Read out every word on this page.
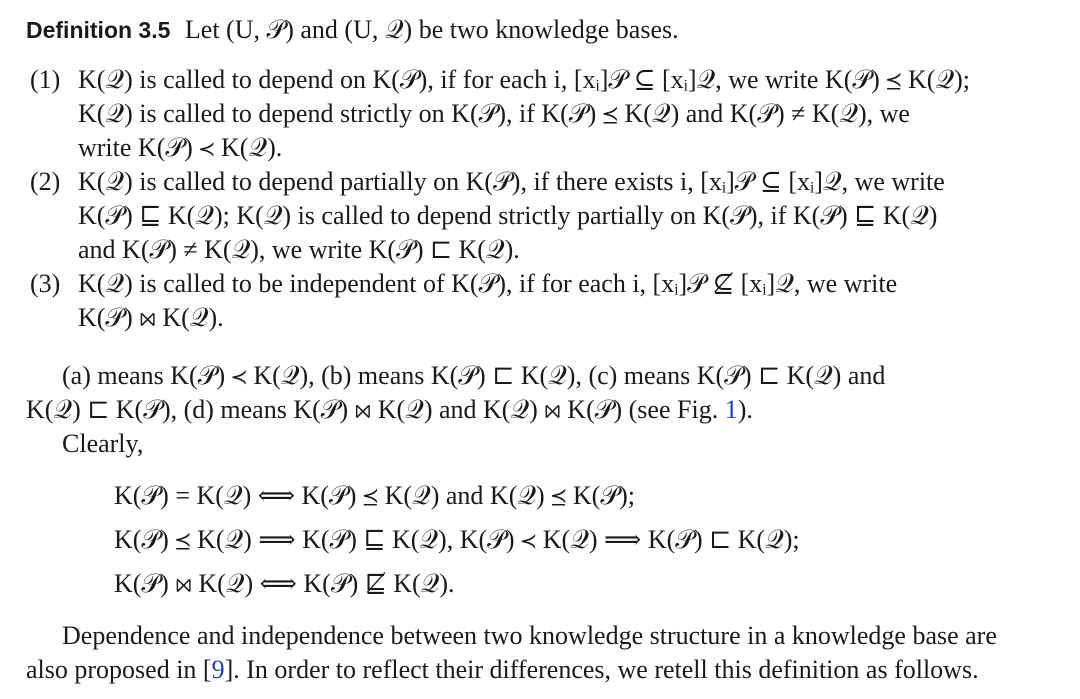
Definition 3.5 Let (U, 𝒫) and (U, 𝒬) be two knowledge bases.
(1) K(𝒬) is called to depend on K(𝒫), if for each i, [xᵢ]𝒫 ⊆ [xᵢ]𝒬, we write K(𝒫) ⪯ K(𝒬);
K(𝒬) is called to depend strictly on K(𝒫), if K(𝒫) ⪯ K(𝒬) and K(𝒫) ≠ K(𝒬), we
write K(𝒫) ≺ K(𝒬).
(2) K(𝒬) is called to depend partially on K(𝒫), if there exists i, [xᵢ]𝒫 ⊆ [xᵢ]𝒬, we write
K(𝒫) ⊑ K(𝒬); K(𝒬) is called to depend strictly partially on K(𝒫), if K(𝒫) ⊑ K(𝒬)
and K(𝒫) ≠ K(𝒬), we write K(𝒫) ⊏ K(𝒬).
(3) K(𝒬) is called to be independent of K(𝒫), if for each i, [xᵢ]𝒫 ⊈ [xᵢ]𝒬, we write
K(𝒫) ⋈ K(𝒬).
(a) means K(𝒫) ≺ K(𝒬), (b) means K(𝒫) ⊏ K(𝒬), (c) means K(𝒫) ⊏ K(𝒬) and
K(𝒬) ⊏ K(𝒫), (d) means K(𝒫) ⋈ K(𝒬) and K(𝒬) ⋈ K(𝒫) (see Fig. 1).
Clearly,
K(𝒫) = K(𝒬) ⟺ K(𝒫) ⪯ K(𝒬) and K(𝒬) ⪯ K(𝒫);
K(𝒫) ⪯ K(𝒬) ⟹ K(𝒫) ⊑ K(𝒬), K(𝒫) ≺ K(𝒬) ⟹ K(𝒫) ⊏ K(𝒬);
K(𝒫) ⋈ K(𝒬) ⟺ K(𝒫) ⋢ K(𝒬).
Dependence and independence between two knowledge structure in a knowledge base are
also proposed in [9]. In order to reflect their differences, we retell this definition as follows.
